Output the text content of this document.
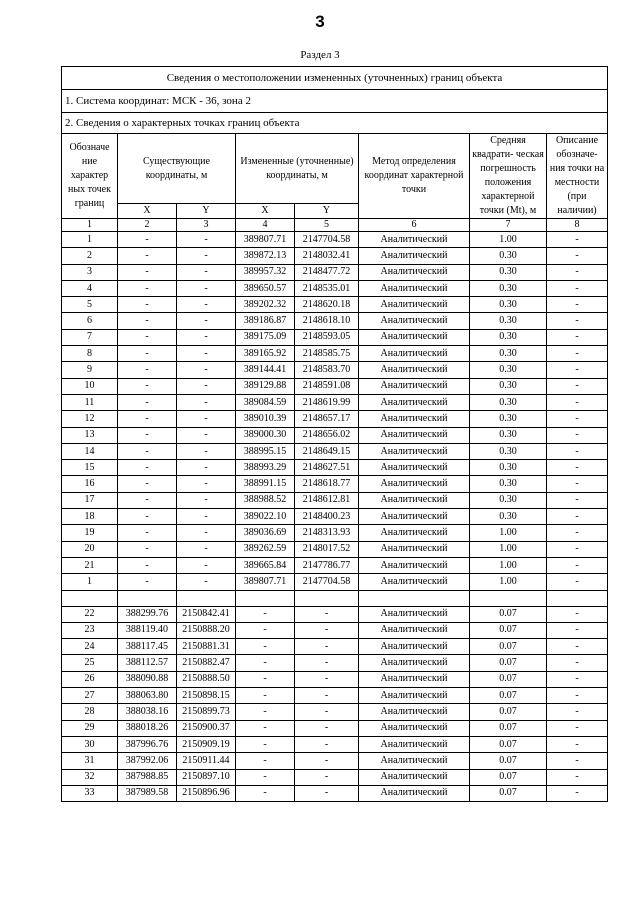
3
Раздел 3
Сведения о местоположении измененных (уточненных) границ объекта							
1. Система координат: МСК - 36, зона 2							
2. Сведения о характерных точках границ объекта							
Обозначе ние характер ных точек границ	Существующие координаты, м		Измененные (уточненные) координаты, м		Метод определения координат характерной точки	Средняя квадрати- ческая погрешность положения характерной точки (Mt), м	Описание обозначе- ния точки на местности (при наличии)
	X	Y	X	Y			
1	2	3	4	5	6	7	8
1	-	-	389807.71	2147704.58	Аналитический	1.00	-
2	-	-	389872.13	2148032.41	Аналитический	0.30	-
3	-	-	389957.32	2148477.72	Аналитический	0.30	-
4	-	-	389650.57	2148535.01	Аналитический	0.30	-
5	-	-	389202.32	2148620.18	Аналитический	0.30	-
6	-	-	389186.87	2148618.10	Аналитический	0.30	-
7	-	-	389175.09	2148593.05	Аналитический	0.30	-
8	-	-	389165.92	2148585.75	Аналитический	0.30	-
9	-	-	389144.41	2148583.70	Аналитический	0.30	-
10	-	-	389129.88	2148591.08	Аналитический	0.30	-
11	-	-	389084.59	2148619.99	Аналитический	0.30	-
12	-	-	389010.39	2148657.17	Аналитический	0.30	-
13	-	-	389000.30	2148656.02	Аналитический	0.30	-
14	-	-	388995.15	2148649.15	Аналитический	0.30	-
15	-	-	388993.29	2148627.51	Аналитический	0.30	-
16	-	-	388991.15	2148618.77	Аналитический	0.30	-
17	-	-	388988.52	2148612.81	Аналитический	0.30	-
18	-	-	389022.10	2148400.23	Аналитический	0.30	-
19	-	-	389036.69	2148313.93	Аналитический	1.00	-
20	-	-	389262.59	2148017.52	Аналитический	1.00	-
21	-	-	389665.84	2147786.77	Аналитический	1.00	-
1	-	-	389807.71	2147704.58	Аналитический	1.00	-

22	388299.76	2150842.41	-	-	Аналитический	0.07	-
23	388119.40	2150888.20	-	-	Аналитический	0.07	-
24	388117.45	2150881.31	-	-	Аналитический	0.07	-
25	388112.57	2150882.47	-	-	Аналитический	0.07	-
26	388090.88	2150888.50	-	-	Аналитический	0.07	-
27	388063.80	2150898.15	-	-	Аналитический	0.07	-
28	388038.16	2150899.73	-	-	Аналитический	0.07	-
29	388018.26	2150900.37	-	-	Аналитический	0.07	-
30	387996.76	2150909.19	-	-	Аналитический	0.07	-
31	387992.06	2150911.44	-	-	Аналитический	0.07	-
32	387988.85	2150897.10	-	-	Аналитический	0.07	-
33	387989.58	2150896.96	-	-	Аналитический	0.07	-
